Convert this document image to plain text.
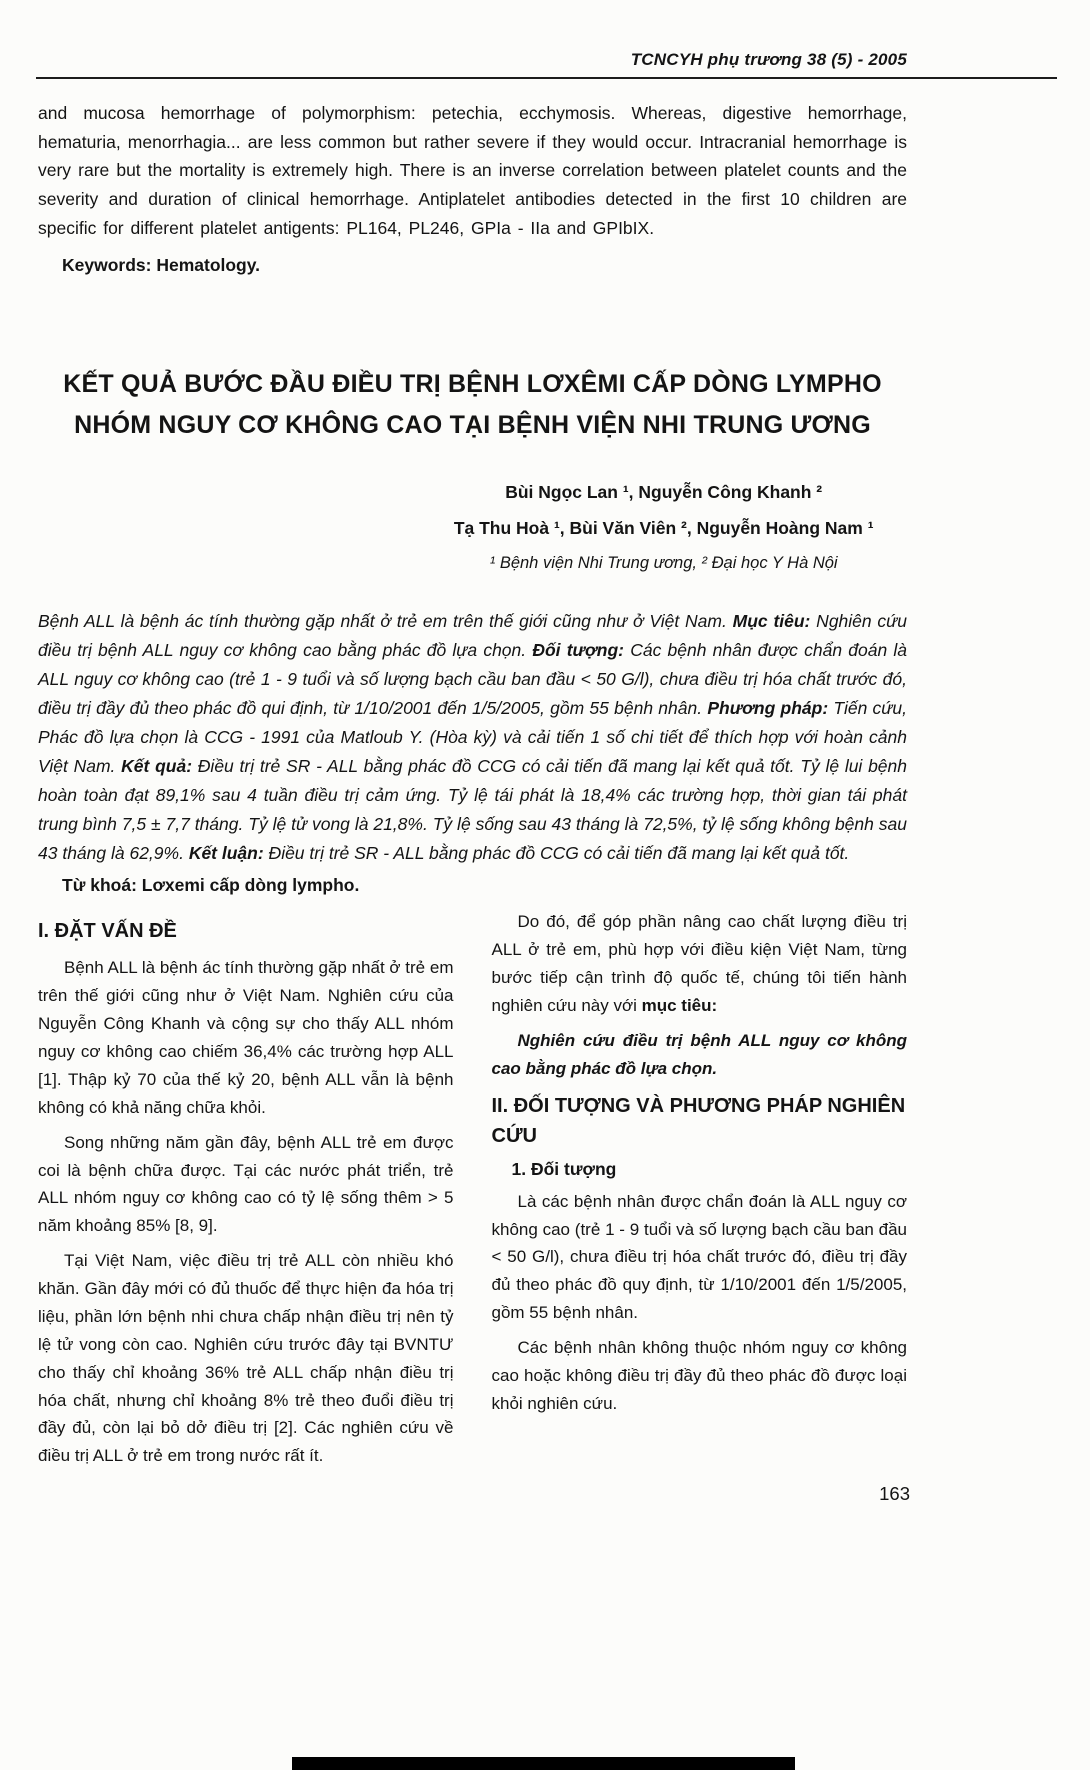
TCNCYH phụ trương 38 (5) - 2005

and mucosa hemorrhage of polymorphism: petechia, ecchymosis. Whereas, digestive hemorrhage, hematuria, menorrhagia... are less common but rather severe if they would occur. Intracranial hemorrhage is very rare but the mortality is extremely high. There is an inverse correlation between platelet counts and the severity and duration of clinical hemorrhage. Antiplatelet antibodies detected in the first 10 children are specific for different platelet antigents: PL164, PL246, GPIa - IIa and GPIbIX.

Keywords: Hematology.

KẾT QUẢ BƯỚC ĐẦU ĐIỀU TRỊ BỆNH LƠXÊMI CẤP DÒNG LYMPHO
NHÓM NGUY CƠ KHÔNG CAO TẠI BỆNH VIỆN NHI TRUNG ƯƠNG
Bùi Ngọc Lan ¹, Nguyễn Công Khanh ²
Tạ Thu Hoà ¹, Bùi Văn Viên ², Nguyễn Hoàng Nam ¹
¹ Bệnh viện Nhi Trung ương, ² Đại học Y Hà Nội

Bệnh ALL là bệnh ác tính thường gặp nhất ở trẻ em trên thế giới cũng như ở Việt Nam. Mục tiêu: Nghiên cứu điều trị bệnh ALL nguy cơ không cao bằng phác đồ lựa chọn. Đối tượng: Các bệnh nhân được chẩn đoán là ALL nguy cơ không cao (trẻ 1 - 9 tuổi và số lượng bạch cầu ban đầu < 50 G/l), chưa điều trị hóa chất trước đó, điều trị đầy đủ theo phác đồ qui định, từ 1/10/2001 đến 1/5/2005, gồm 55 bệnh nhân. Phương pháp: Tiến cứu, Phác đồ lựa chọn là CCG - 1991 của Matloub Y. (Hòa kỳ) và cải tiến 1 số chi tiết để thích hợp với hoàn cảnh Việt Nam. Kết quả: Điều trị trẻ SR - ALL bằng phác đồ CCG có cải tiến đã mang lại kết quả tốt. Tỷ lệ lui bệnh hoàn toàn đạt 89,1% sau 4 tuần điều trị cảm ứng. Tỷ lệ tái phát là 18,4% các trường hợp, thời gian tái phát trung bình 7,5 ± 7,7 tháng. Tỷ lệ tử vong là 21,8%. Tỷ lệ sống sau 43 tháng là 72,5%, tỷ lệ sống không bệnh sau 43 tháng là 62,9%. Kết luận: Điều trị trẻ SR - ALL bằng phác đồ CCG có cải tiến đã mang lại kết quả tốt.

Từ khoá: Lơxemi cấp dòng lympho.

I. ĐẶT VẤN ĐỀ

Bệnh ALL là bệnh ác tính thường gặp nhất ở trẻ em trên thế giới cũng như ở Việt Nam. Nghiên cứu của Nguyễn Công Khanh và cộng sự cho thấy ALL nhóm nguy cơ không cao chiếm 36,4% các trường hợp ALL [1]. Thập kỷ 70 của thế kỷ 20, bệnh ALL vẫn là bệnh không có khả năng chữa khỏi.

Song những năm gần đây, bệnh ALL trẻ em được coi là bệnh chữa được. Tại các nước phát triển, trẻ ALL nhóm nguy cơ không cao có tỷ lệ sống thêm > 5 năm khoảng 85% [8, 9].

Tại Việt Nam, việc điều trị trẻ ALL còn nhiều khó khăn. Gần đây mới có đủ thuốc để thực hiện đa hóa trị liệu, phần lớn bệnh nhi chưa chấp nhận điều trị nên tỷ lệ tử vong còn cao. Nghiên cứu trước đây tại BVNTƯ cho thấy chỉ khoảng 36% trẻ ALL chấp nhận điều trị hóa chất, nhưng chỉ khoảng 8% trẻ theo đuổi điều trị đầy đủ, còn lại bỏ dở điều trị [2]. Các nghiên cứu về điều trị ALL ở trẻ em trong nước rất ít.

Do đó, để góp phần nâng cao chất lượng điều trị ALL ở trẻ em, phù hợp với điều kiện Việt Nam, từng bước tiếp cận trình độ quốc tế, chúng tôi tiến hành nghiên cứu này với mục tiêu:

Nghiên cứu điều trị bệnh ALL nguy cơ không cao bằng phác đồ lựa chọn.

II. ĐỐI TƯỢNG VÀ PHƯƠNG PHÁP NGHIÊN CỨU
1. Đối tượng

Là các bệnh nhân được chẩn đoán là ALL nguy cơ không cao (trẻ 1 - 9 tuổi và số lượng bạch cầu ban đầu < 50 G/l), chưa điều trị hóa chất trước đó, điều trị đầy đủ theo phác đồ quy định, từ 1/10/2001 đến 1/5/2005, gồm 55 bệnh nhân.

Các bệnh nhân không thuộc nhóm nguy cơ không cao hoặc không điều trị đầy đủ theo phác đồ được loại khỏi nghiên cứu.

163
